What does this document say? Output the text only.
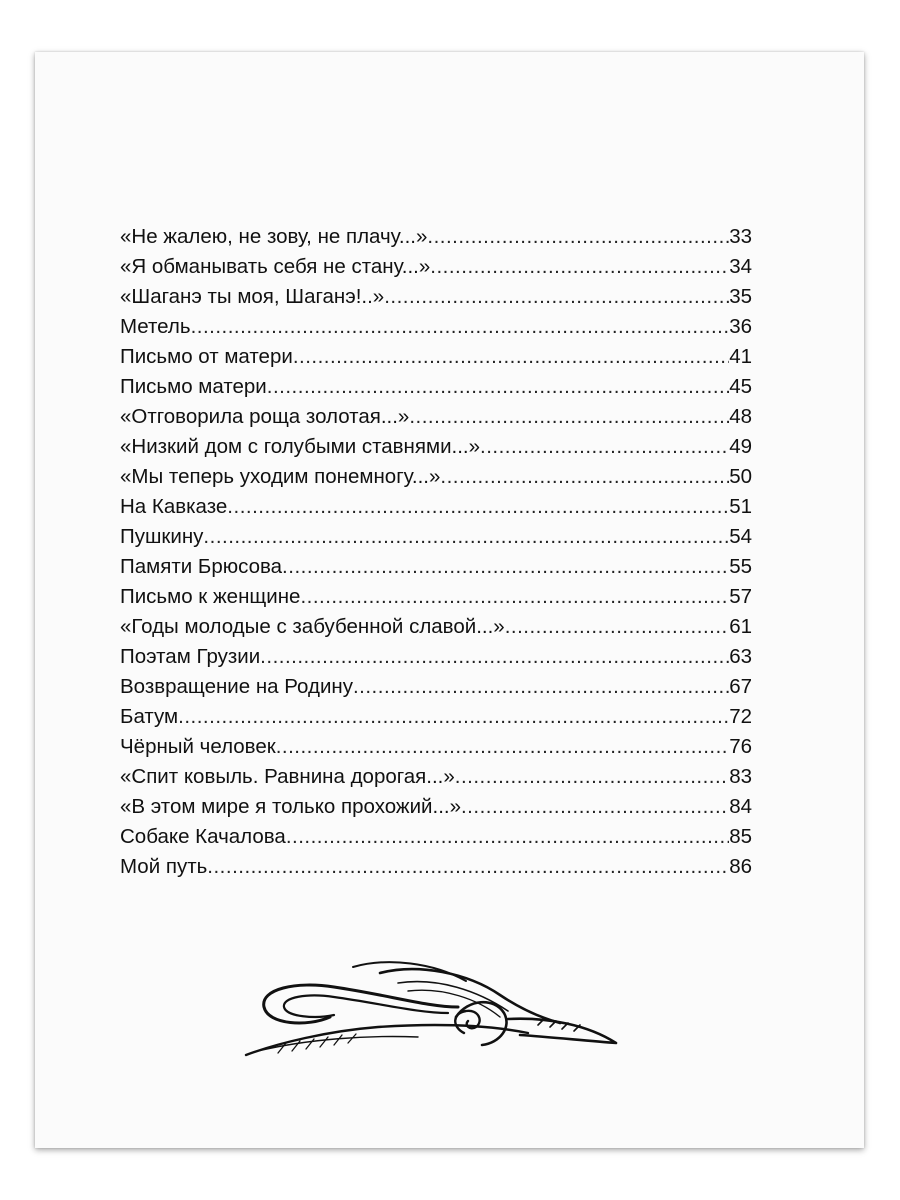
«Не жалею, не зову, не плачу...» .....	33
«Я обманывать себя не стану...» .....	34
«Шаганэ ты моя, Шаганэ!..» .....	35
Метель .....	36
Письмо от матери .....	41
Письмо матери .....	45
«Отговорила роща золотая...» .....	48
«Низкий дом с голубыми ставнями...» .....	49
«Мы теперь уходим понемногу...» .....	50
На Кавказе .....	51
Пушкину .....	54
Памяти Брюсова .....	55
Письмо к женщине .....	57
«Годы молодые с забубенной славой...» .....	61
Поэтам Грузии .....	63
Возвращение на Родину .....	67
Батум .....	72
Чёрный человек .....	76
«Спит ковыль. Равнина дорогая...» .....	83
«В этом мире я только прохожий...» .....	84
Собаке Качалова .....	85
Мой путь .....	86
